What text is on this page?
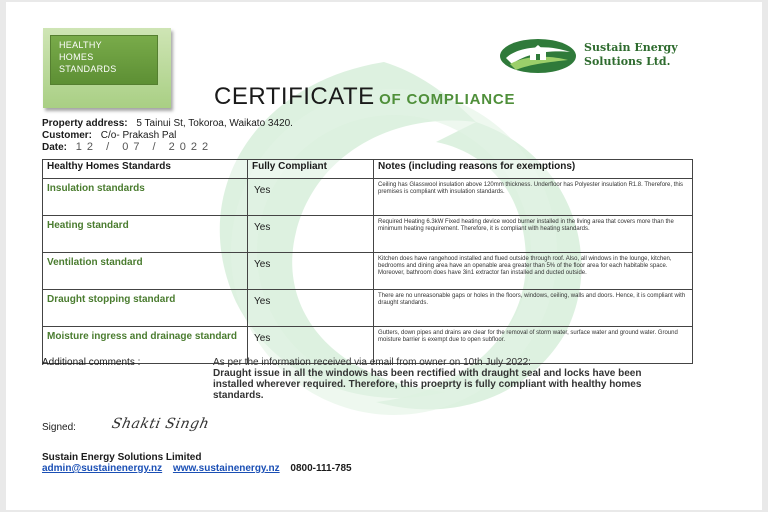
HEALTHY
HOMES
STANDARDS
Sustain Energy
Solutions Ltd.
CERTIFICATE OF COMPLIANCE
Property address: 5 Tainui St, Tokoroa, Waikato 3420.
Customer: C/o- Prakash Pal
Date: 12 / 07 / 2022
Healthy Homes Standards	Fully Compliant	Notes (including reasons for exemptions)
Insulation standards	Yes	Ceiling has Glasswool insulation above 120mm thickness. Underfloor has Polyester insulation R1.8. Therefore, this premises is compliant with insulation standards.
Heating standard	Yes	Required Heating 6.3kW Fixed heating device wood burner installed in the living area that covers more than the minimum heating requirement. Therefore, it is compliant with heating standards.
Ventilation standard	Yes	Kitchen does have rangehood installed and flued outside through roof. Also, all windows in the lounge, kitchen, bedrooms and dining area have an openable area greater than 5% of the floor area for each habitable space. Moreover, bathroom does have 3in1 extractor fan installed and ducted outside.
Draught stopping standard	Yes	There are no unreasonable gaps or holes in the floors, windows, ceiling, walls and doors. Hence, it is compliant with draught standards.
Moisture ingress and drainage standard	Yes	Gutters, down pipes and drains are clear for the removal of storm water, surface water and ground water. Ground moisture barrier is exempt due to open subfloor.
Additional comments :	As per the information received via email from owner on 10th July 2022:
Draught issue in all the windows has been rectified with draught seal and locks have been installed wherever required. Therefore, this proeprty is fully compliant with healthy homes standards.
Signed: Shakti Singh
Sustain Energy Solutions Limited
admin@sustainenergy.nz www.sustainenergy.nz 0800-111-785
